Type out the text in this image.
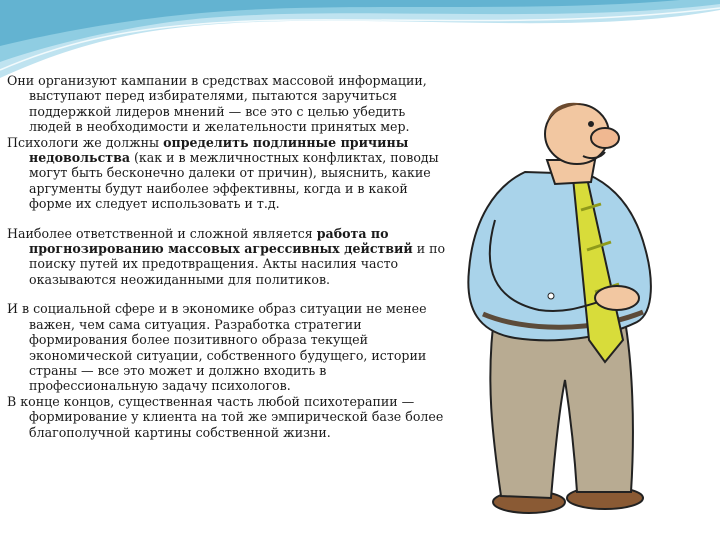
Они организуют кампании в средствах массовой информации, выступают перед избирателями, пытаются заручиться поддержкой лидеров мнений — все это с целью убедить людей в необходимости и желательности принятых мер.

Психологи же должны определить подлинные причины недовольства (как и в межличностных конфликтах, поводы могут быть бесконечно далеки от причин), выяснить, какие аргументы будут наиболее эффективны, когда и в какой форме их следует использовать и т.д.

Наиболее ответственной и сложной является работа по прогнозированию массовых агрессивных действий и по поиску путей их предотвращения. Акты насилия часто оказываются неожиданными для политиков.

И в социальной сфере и в экономике образ ситуации не менее важен, чем сама ситуация. Разработка стратегии формирования более позитивного образа текущей экономической ситуации, собственного будущего, истории страны — все это может и должно входить в профессиональную задачу психологов.

В конце концов, существенная часть любой психотерапии — формирование у клиента на той же эмпирической базе более благополучной картины собственной жизни.
